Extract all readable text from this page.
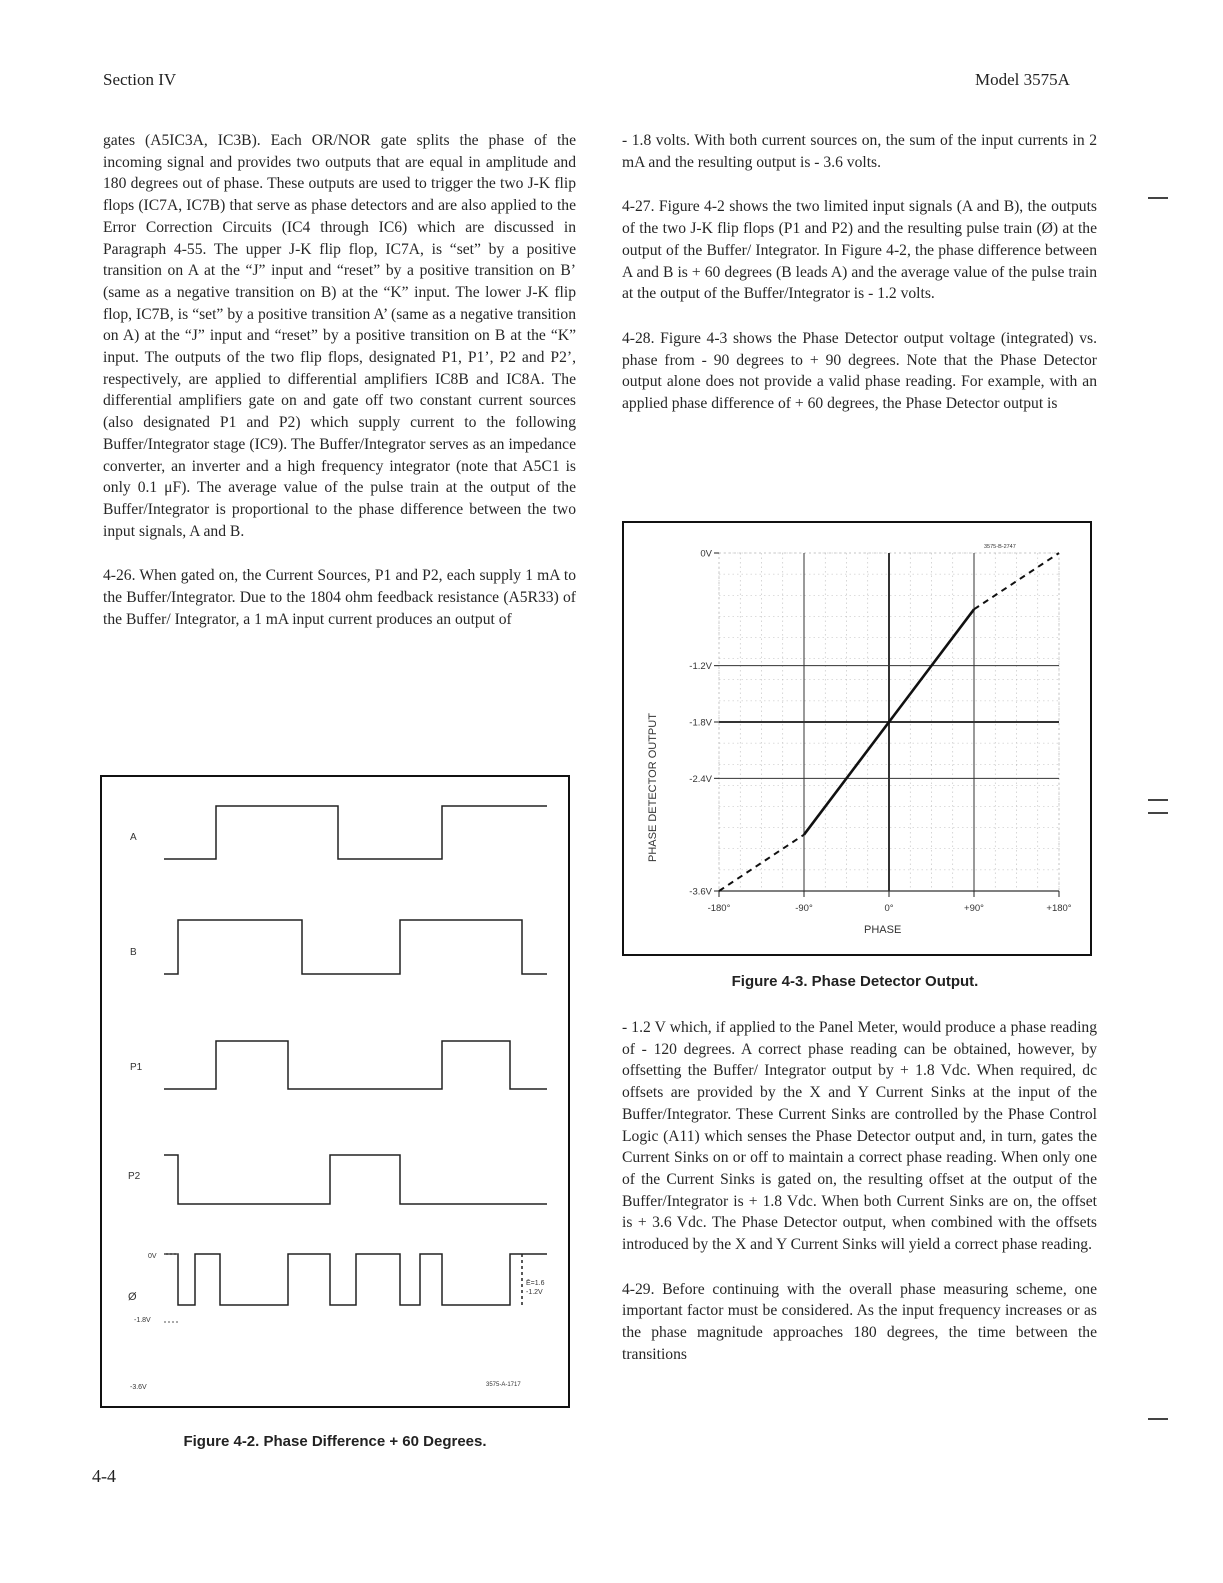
Section IV	Model 3575A

gates (A5IC3A, IC3B). Each OR/NOR gate splits the phase of the incoming signal and provides two outputs that are equal in amplitude and 180 degrees out of phase. These outputs are used to trigger the two J-K flip flops (IC7A, IC7B) that serve as phase detectors and are also applied to the Error Correction Circuits (IC4 through IC6) which are discussed in Paragraph 4-55. The upper J-K flip flop, IC7A, is “set” by a positive transition on A at the “J” input and “reset” by a positive transition on B’ (same as a negative transition on B) at the “K” input. The lower J-K flip flop, IC7B, is “set” by a positive transition A’ (same as a negative transition on A) at the “J” input and “reset” by a positive transition on B at the “K” input. The outputs of the two flip flops, designated P1, P1’, P2 and P2’, respectively, are applied to differential amplifiers IC8B and IC8A. The differential amplifiers gate on and gate off two constant current sources (also designated P1 and P2) which supply current to the following Buffer/Integrator stage (IC9). The Buffer/Integrator serves as an impedance converter, an inverter and a high frequency integrator (note that A5C1 is only 0.1 μF). The average value of the pulse train at the output of the Buffer/Integrator is proportional to the phase difference between the two input signals, A and B.

4-26. When gated on, the Current Sources, P1 and P2, each supply 1 mA to the Buffer/Integrator. Due to the 1804 ohm feedback resistance (A5R33) of the Buffer/ Integrator, a 1 mA input current produces an output of

- 1.8 volts. With both current sources on, the sum of the input currents in 2 mA and the resulting output is - 3.6 volts.

4-27. Figure 4-2 shows the two limited input signals (A and B), the outputs of the two J-K flip flops (P1 and P2) and the resulting pulse train (Ø) at the output of the Buffer/ Integrator. In Figure 4-2, the phase difference between A and B is + 60 degrees (B leads A) and the average value of the pulse train at the output of the Buffer/Integrator is - 1.2 volts.

4-28. Figure 4-3 shows the Phase Detector output voltage (integrated) vs. phase from - 90 degrees to + 90 degrees. Note that the Phase Detector output alone does not provide a valid phase reading. For example, with an applied phase difference of + 60 degrees, the Phase Detector output is

- 1.2 V which, if applied to the Panel Meter, would produce a phase reading of - 120 degrees. A correct phase reading can be obtained, however, by offsetting the Buffer/ Integrator output by + 1.8 Vdc. When required, dc offsets are provided by the X and Y Current Sinks at the input of the Buffer/Integrator. These Current Sinks are controlled by the Phase Control Logic (A11) which senses the Phase Detector output and, in turn, gates the Current Sinks on or off to maintain a correct phase reading. When only one of the Current Sinks is gated on, the resulting offset at the output of the Buffer/Integrator is + 1.8 Vdc. When both Current Sinks are on, the offset is + 3.6 Vdc. The Phase Detector output, when combined with the offsets introduced by the X and Y Current Sinks will yield a correct phase reading.

4-29. Before continuing with the overall phase measuring scheme, one important factor must be considered. As the input frequency increases or as the phase magnitude approaches 180 degrees, the time between the transitions

A
B
P1
P2
Ø
0V
-1.8V
-3.6V
Ē=1.6 -1.2V
3575-A-1717
Figure 4-2. Phase Difference + 60 Degrees.
-180°	-90°	0°	+90°	+180°
0V
-1.2V
-1.8V
-2.4V
-3.6V
PHASE DETECTOR OUTPUT
PHASE
3575-B-2747
Figure 4-3. Phase Detector Output.
4-4
